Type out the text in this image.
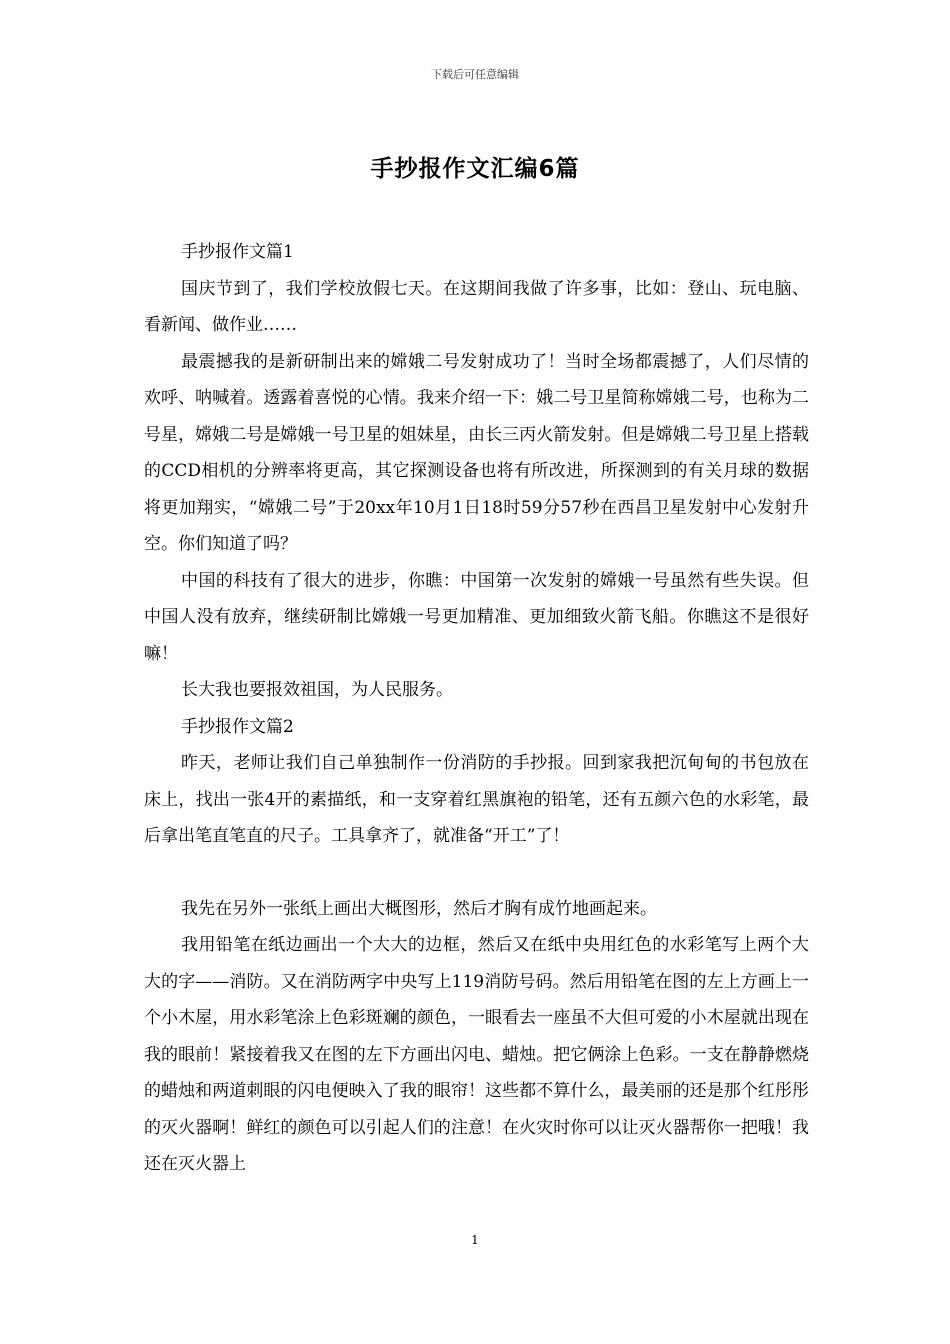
下载后可任意编辑
手抄报作文汇编6篇

手抄报作文篇1

国庆节到了，我们学校放假七天。在这期间我做了许多事，比如：登山、玩电脑、看新闻、做作业……

最震撼我的是新研制出来的嫦娥二号发射成功了！当时全场都震撼了，人们尽情的欢呼、呐喊着。透露着喜悦的心情。我来介绍一下：娥二号卫星简称嫦娥二号，也称为二号星，嫦娥二号是嫦娥一号卫星的姐妹星，由长三丙火箭发射。但是嫦娥二号卫星上搭载的CCD相机的分辨率将更高，其它探测设备也将有所改进，所探测到的有关月球的数据将更加翔实，“嫦娥二号”于20xx年10月1日18时59分57秒在西昌卫星发射中心发射升空。你们知道了吗？

中国的科技有了很大的进步，你瞧：中国第一次发射的嫦娥一号虽然有些失误。但中国人没有放弃，继续研制比嫦娥一号更加精准、更加细致火箭飞船。你瞧这不是很好嘛！

长大我也要报效祖国，为人民服务。

手抄报作文篇2

昨天，老师让我们自己单独制作一份消防的手抄报。回到家我把沉甸甸的书包放在床上，找出一张4开的素描纸，和一支穿着红黑旗袍的铅笔，还有五颜六色的水彩笔，最后拿出笔直笔直的尺子。工具拿齐了，就准备“开工”了！

我先在另外一张纸上画出大概图形，然后才胸有成竹地画起来。

我用铅笔在纸边画出一个大大的边框，然后又在纸中央用红色的水彩笔写上两个大大的字——消防。又在消防两字中央写上119消防号码。然后用铅笔在图的左上方画上一个小木屋，用水彩笔涂上色彩斑斓的颜色，一眼看去一座虽不大但可爱的小木屋就出现在我的眼前！紧接着我又在图的左下方画出闪电、蜡烛。把它俩涂上色彩。一支在静静燃烧的蜡烛和两道刺眼的闪电便映入了我的眼帘！这些都不算什么，最美丽的还是那个红彤彤的灭火器啊！鲜红的颜色可以引起人们的注意！在火灾时你可以让灭火器帮你一把哦！我还在灭火器上

1
